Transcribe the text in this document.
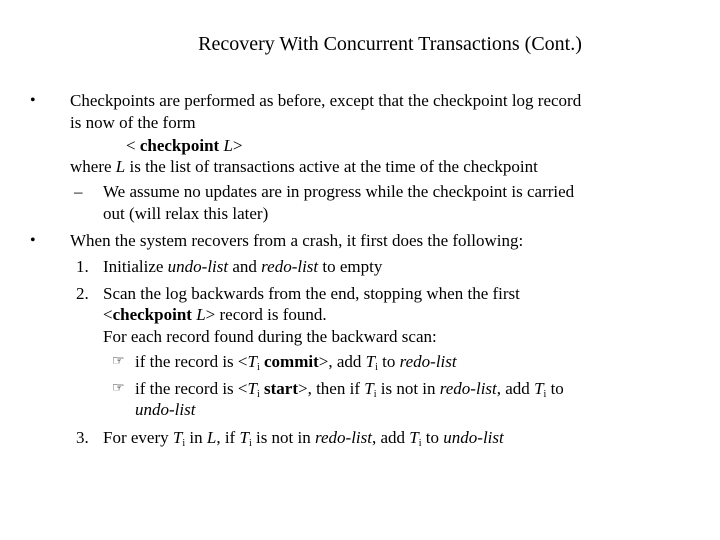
Recovery With Concurrent Transactions (Cont.)
• Checkpoints are performed as before, except that the checkpoint log record
is now of the form
< checkpoint L>
where L is the list of transactions active at the time of the checkpoint
– We assume no updates are in progress while the checkpoint is carried
out (will relax this later)
• When the system recovers from a crash, it first does the following:
1. Initialize undo-list and redo-list to empty
2. Scan the log backwards from the end, stopping when the first
<checkpoint L> record is found.
For each record found during the backward scan:
☞ if the record is $<T_i$ commit>, add $T_i$ to redo-list
☞ if the record is $<T_i$ start>, then if $T_i$ is not in redo-list, add $T_i$ to
undo-list
3. For every $T_i$ in L, if $T_i$ is not in redo-list, add $T_i$ to undo-list
